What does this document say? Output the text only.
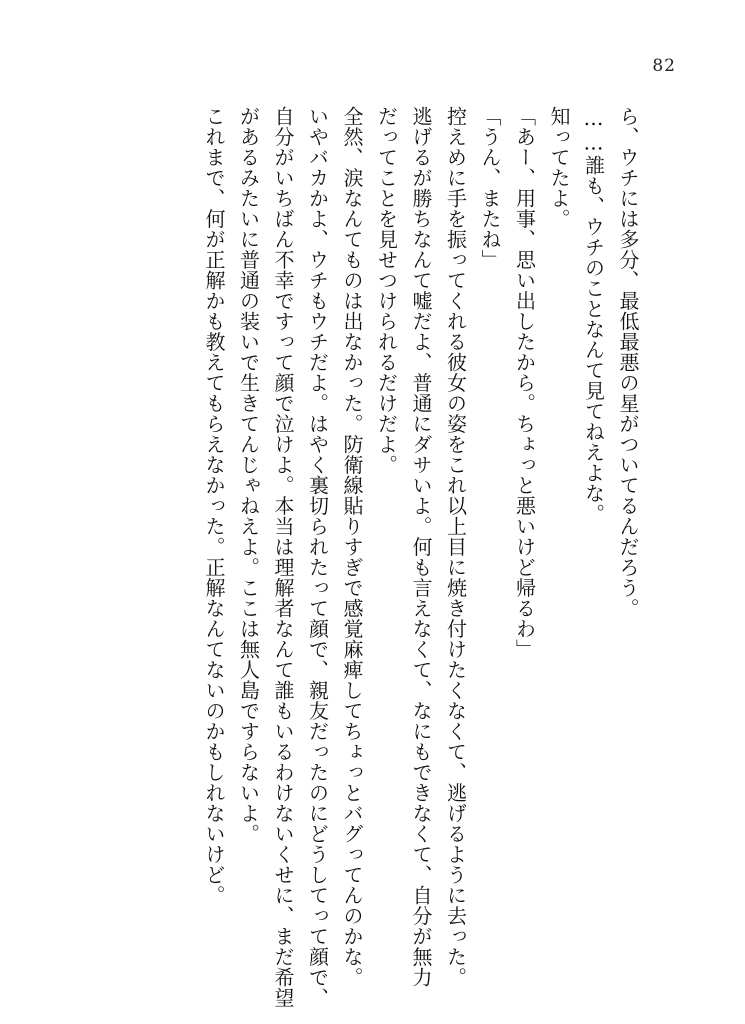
82
ら、ウチには多分、最低最悪の星がついてるんだろう。
……誰も、ウチのことなんて見てねえよな。
知ってたよ。
「あー、用事、思い出したから。ちょっと悪いけど帰るわ」
「うん、またね」
控えめに手を振ってくれる彼女の姿をこれ以上目に焼き付けたくなくて、逃げるように去った。
逃げるが勝ちなんて嘘だよ、普通にダサいよ。何も言えなくて、なにもできなくて、自分が無力
だってことを見せつけられるだけだよ。
全然、涙なんてものは出なかった。防衛線貼りすぎで感覚麻痺してちょっとバグってんのかな。
いやバカかよ、ウチもウチだよ。はやく裏切られたって顔で、親友だったのにどうしてって顔で、
自分がいちばん不幸ですって顔で泣けよ。本当は理解者なんて誰もいるわけないくせに、まだ希望
があるみたいに普通の装いで生きてんじゃねえよ。ここは無人島ですらないよ。
これまで、何が正解かも教えてもらえなかった。正解なんてないのかもしれないけど。
